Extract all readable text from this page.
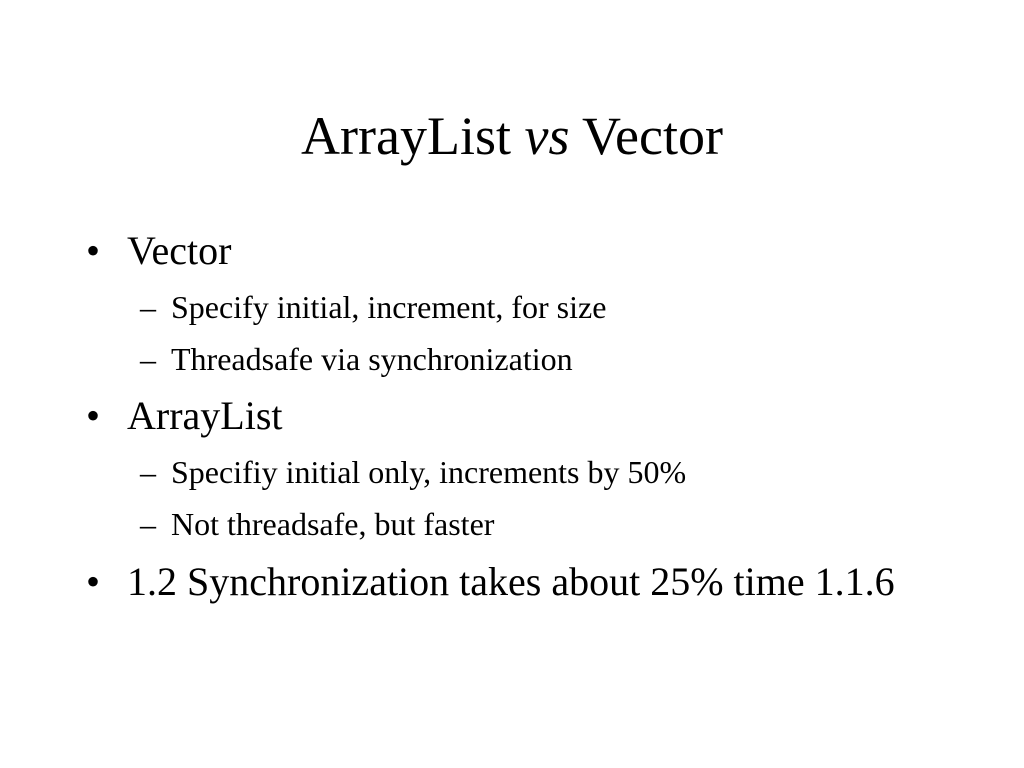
ArrayList vs Vector
• Vector
– Specify initial, increment, for size
– Threadsafe via synchronization
• ArrayList
– Specifiy initial only, increments by 50%
– Not threadsafe, but faster
• 1.2 Synchronization takes about 25% time 1.1.6
